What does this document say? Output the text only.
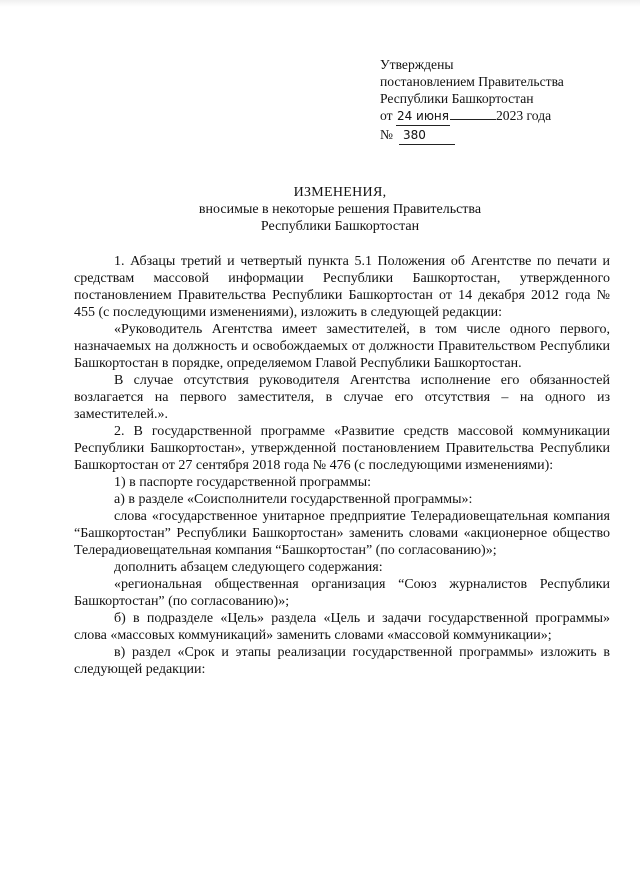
Утверждены
постановлением Правительства
Республики Башкортостан
от 24 июня	2023 года
№ 380
ИЗМЕНЕНИЯ,
вносимые в некоторые решения Правительства
Республики Башкортостан

1. Абзацы третий и четвертый пункта 5.1 Положения об Агентстве по печати и средствам массовой информации Республики Башкортостан, утвержденного постановлением Правительства Республики Башкортостан от 14 декабря 2012 года № 455 (с последующими изменениями), изложить в следующей редакции:

«Руководитель Агентства имеет заместителей, в том числе одного первого, назначаемых на должность и освобождаемых от должности Правительством Республики Башкортостан в порядке, определяемом Главой Республики Башкортостан.

В случае отсутствия руководителя Агентства исполнение его обязанностей возлагается на первого заместителя, в случае его отсутствия – на одного из заместителей.».

2. В государственной программе «Развитие средств массовой коммуникации Республики Башкортостан», утвержденной постановлением Правительства Республики Башкортостан от 27 сентября 2018 года № 476 (с последующими изменениями):

1) в паспорте государственной программы:

а) в разделе «Соисполнители государственной программы»:

слова «государственное унитарное предприятие Телерадиовещательная компания “Башкортостан” Республики Башкортостан» заменить словами «акционерное общество Телерадиовещательная компания “Башкортостан” (по согласованию)»;

дополнить абзацем следующего содержания:

«региональная общественная организация “Союз журналистов Республики Башкортостан” (по согласованию)»;

б) в подразделе «Цель» раздела «Цель и задачи государственной программы» слова «массовых коммуникаций» заменить словами «массовой коммуникации»;

в) раздел «Срок и этапы реализации государственной программы» изложить в следующей редакции:
